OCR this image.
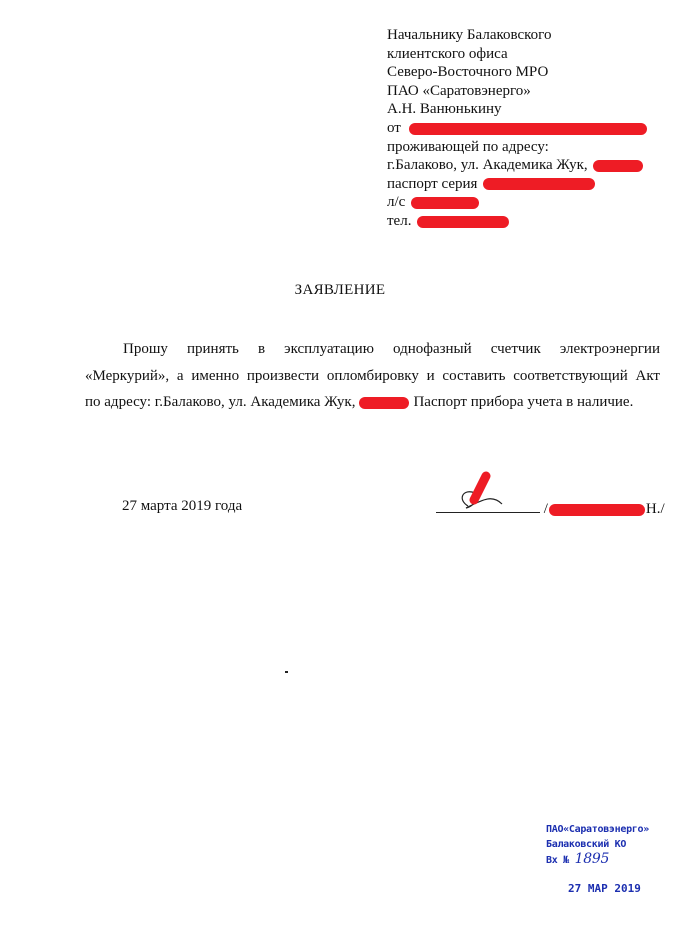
Начальнику Балаковского
клиентского офиса
Северо-Восточного МРО
ПАО «Саратовэнерго»
А.Н. Ванюнькину
от
проживающей по адресу:
г.Балаково, ул. Академика Жук,
паспорт серия
л/с
тел.
ЗАЯВЛЕНИЕ

Прошу принять в эксплуатацию однофазный счетчик электроэнергии

«Меркурий», а именно произвести опломбировку и составить соответствующий Акт

по адресу: г.Балаково, ул. Академика Жук,	Паспорт прибора учета в наличие.

27 марта 2019 года	/	Н./
ПАО«Саратовэнерго»
Балаковский КО
Вх № 1895
27 МАР 2019
